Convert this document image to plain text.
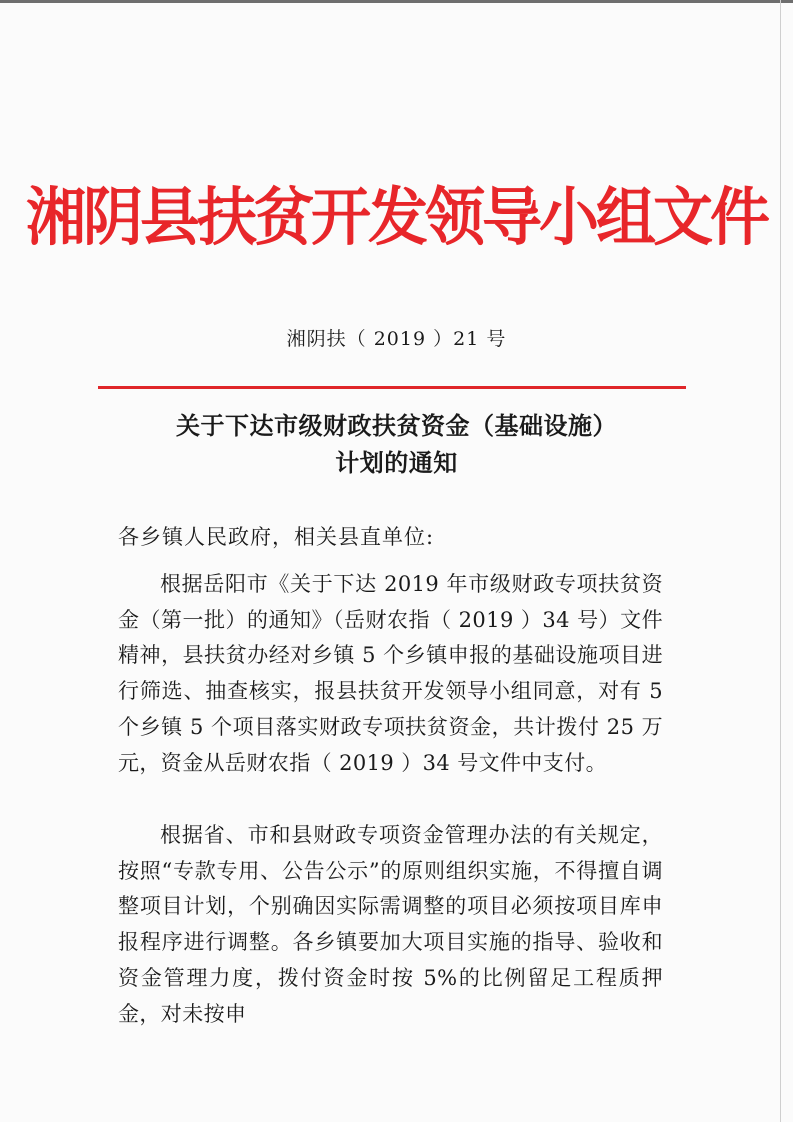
湘阴县扶贫开发领导小组文件
湘阴扶（ 2019 ）21 号
关于下达市级财政扶贫资金（基础设施）
计划的通知
各乡镇人民政府，相关县直单位:

根据岳阳市《关于下达 2019 年市级财政专项扶贫资金（第一批）的通知》（岳财农指（ 2019 ）34 号）文件精神，县扶贫办经对乡镇 5 个乡镇申报的基础设施项目进行筛选、抽查核实，报县扶贫开发领导小组同意，对有 5 个乡镇 5 个项目落实财政专项扶贫资金，共计拨付 25 万元，资金从岳财农指（ 2019 ）34 号文件中支付。

根据省、市和县财政专项资金管理办法的有关规定，按照“专款专用、公告公示”的原则组织实施，不得擅自调整项目计划，个别确因实际需调整的项目必须按项目库申报程序进行调整。各乡镇要加大项目实施的指导、验收和资金管理力度，拨付资金时按 5%的比例留足工程质押金，对未按申
